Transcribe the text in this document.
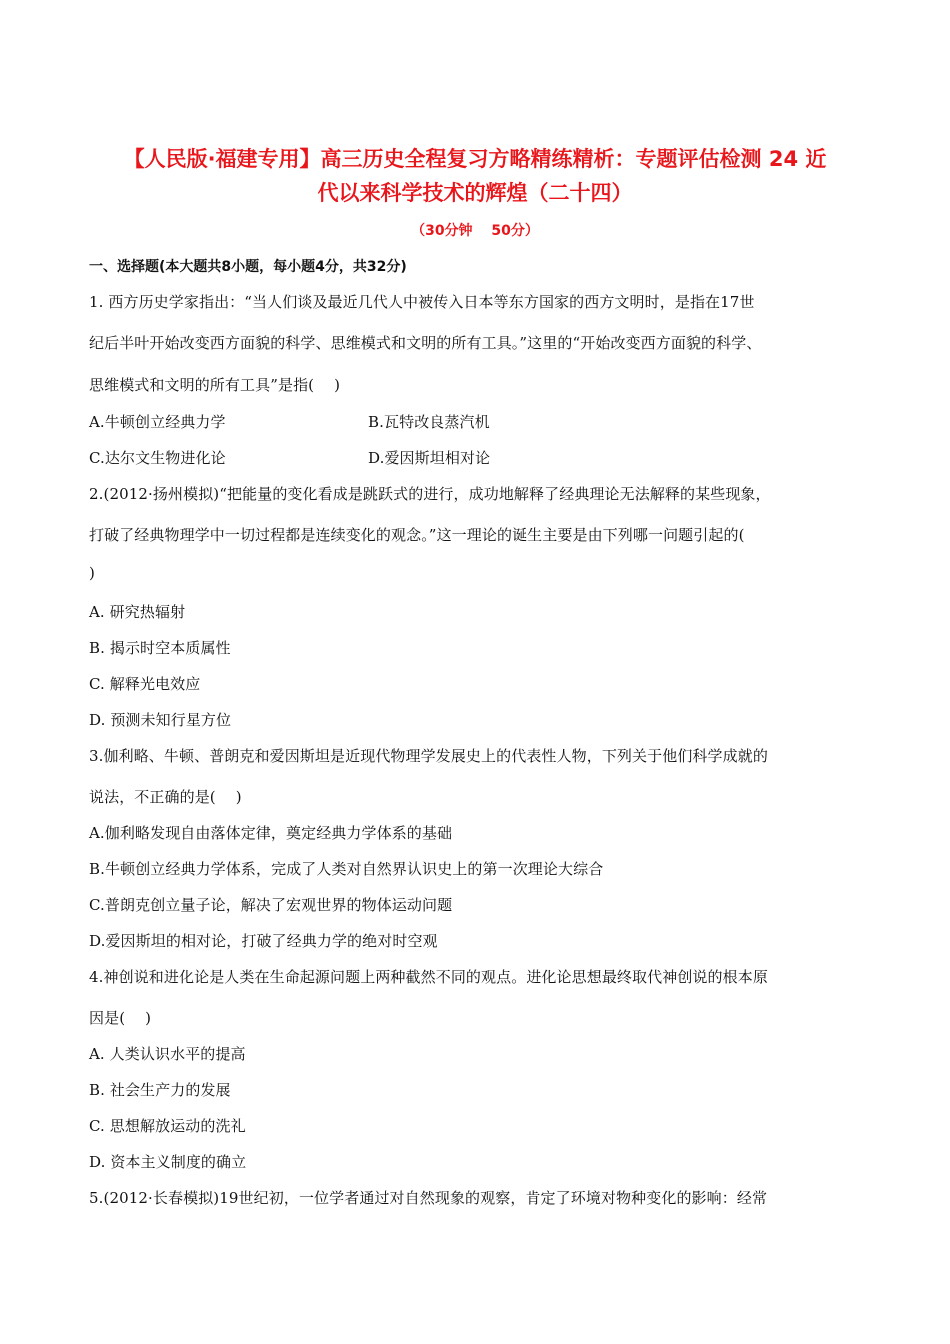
【人民版·福建专用】高三历史全程复习方略精练精析：专题评估检测 24 近
代以来科学技术的辉煌（二十四）
（30分钟　 50分）
一、选择题(本大题共8小题，每小题4分，共32分)
1. 西方历史学家指出：“当人们谈及最近几代人中被传入日本等东方国家的西方文明时，是指在17世
纪后半叶开始改变西方面貌的科学、思维模式和文明的所有工具。”这里的“开始改变西方面貌的科学、
思维模式和文明的所有工具”是指(　 )
A.牛顿创立经典力学	B.瓦特改良蒸汽机
C.达尔文生物进化论	D.爱因斯坦相对论
2.(2012·扬州模拟)“把能量的变化看成是跳跃式的进行，成功地解释了经典理论无法解释的某些现象，
打破了经典物理学中一切过程都是连续变化的观念。”这一理论的诞生主要是由下列哪一问题引起的(
)
A. 研究热辐射
B. 揭示时空本质属性
C. 解释光电效应
D. 预测未知行星方位
3.伽利略、牛顿、普朗克和爱因斯坦是近现代物理学发展史上的代表性人物，下列关于他们科学成就的
说法，不正确的是(　 )
A.伽利略发现自由落体定律，奠定经典力学体系的基础
B.牛顿创立经典力学体系，完成了人类对自然界认识史上的第一次理论大综合
C.普朗克创立量子论，解决了宏观世界的物体运动问题
D.爱因斯坦的相对论，打破了经典力学的绝对时空观
4.神创说和进化论是人类在生命起源问题上两种截然不同的观点。进化论思想最终取代神创说的根本原
因是(　 )
A. 人类认识水平的提高
B. 社会生产力的发展
C. 思想解放运动的洗礼
D. 资本主义制度的确立
5.(2012·长春模拟)19世纪初，一位学者通过对自然现象的观察，肯定了环境对物种变化的影响：经常
